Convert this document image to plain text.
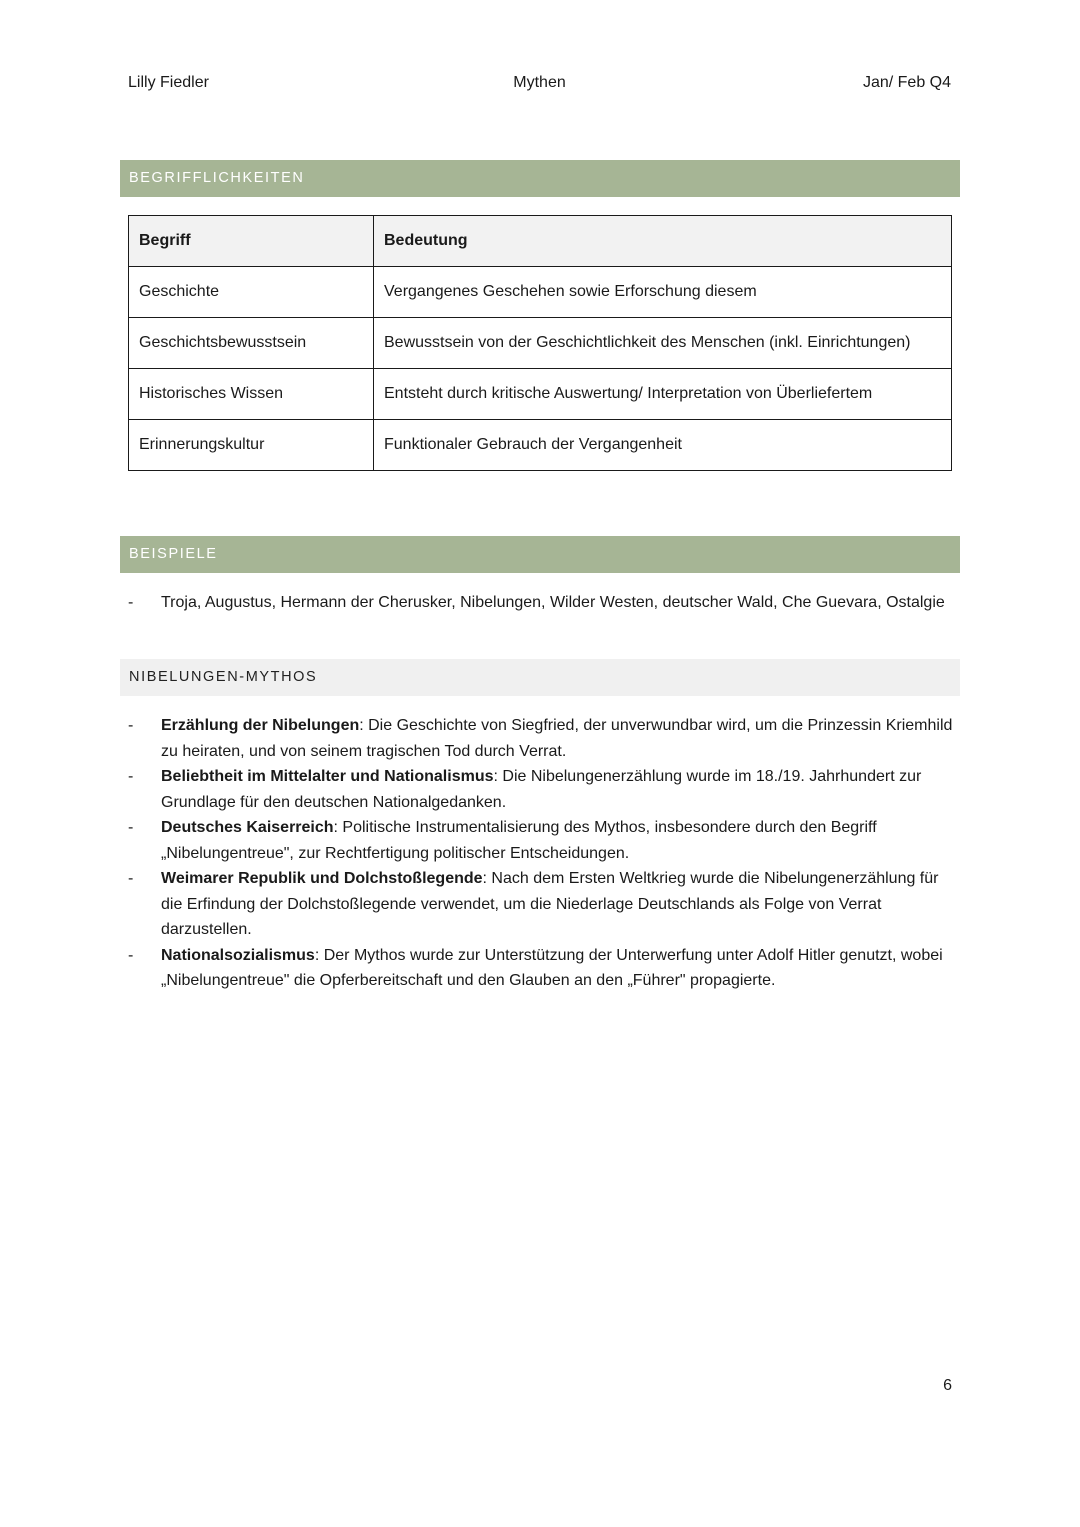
Lilly Fiedler	Mythen	Jan/ Feb Q4
BEGRIFFLICHKEITEN
Begriff	Bedeutung
Geschichte	Vergangenes Geschehen sowie Erforschung diesem
Geschichtsbewusstsein	Bewusstsein von der Geschichtlichkeit des Menschen (inkl. Einrichtungen)
Historisches Wissen	Entsteht durch kritische Auswertung/ Interpretation von Überliefertem
Erinnerungskultur	Funktionaler Gebrauch der Vergangenheit
BEISPIELE
- Troja, Augustus, Hermann der Cherusker, Nibelungen, Wilder Westen, deutscher Wald, Che Guevara, Ostalgie
NIBELUNGEN-MYTHOS
- Erzählung der Nibelungen: Die Geschichte von Siegfried, der unverwundbar wird, um die Prinzessin Kriemhild zu heiraten, und von seinem tragischen Tod durch Verrat.
- Beliebtheit im Mittelalter und Nationalismus: Die Nibelungenerzählung wurde im 18./19. Jahrhundert zur Grundlage für den deutschen Nationalgedanken.
- Deutsches Kaiserreich: Politische Instrumentalisierung des Mythos, insbesondere durch den Begriff „Nibelungentreue", zur Rechtfertigung politischer Entscheidungen.
- Weimarer Republik und Dolchstoßlegende: Nach dem Ersten Weltkrieg wurde die Nibelungenerzählung für die Erfindung der Dolchstoßlegende verwendet, um die Niederlage Deutschlands als Folge von Verrat darzustellen.
- Nationalsozialismus: Der Mythos wurde zur Unterstützung der Unterwerfung unter Adolf Hitler genutzt, wobei „Nibelungentreue" die Opferbereitschaft und den Glauben an den „Führer" propagierte.
6
